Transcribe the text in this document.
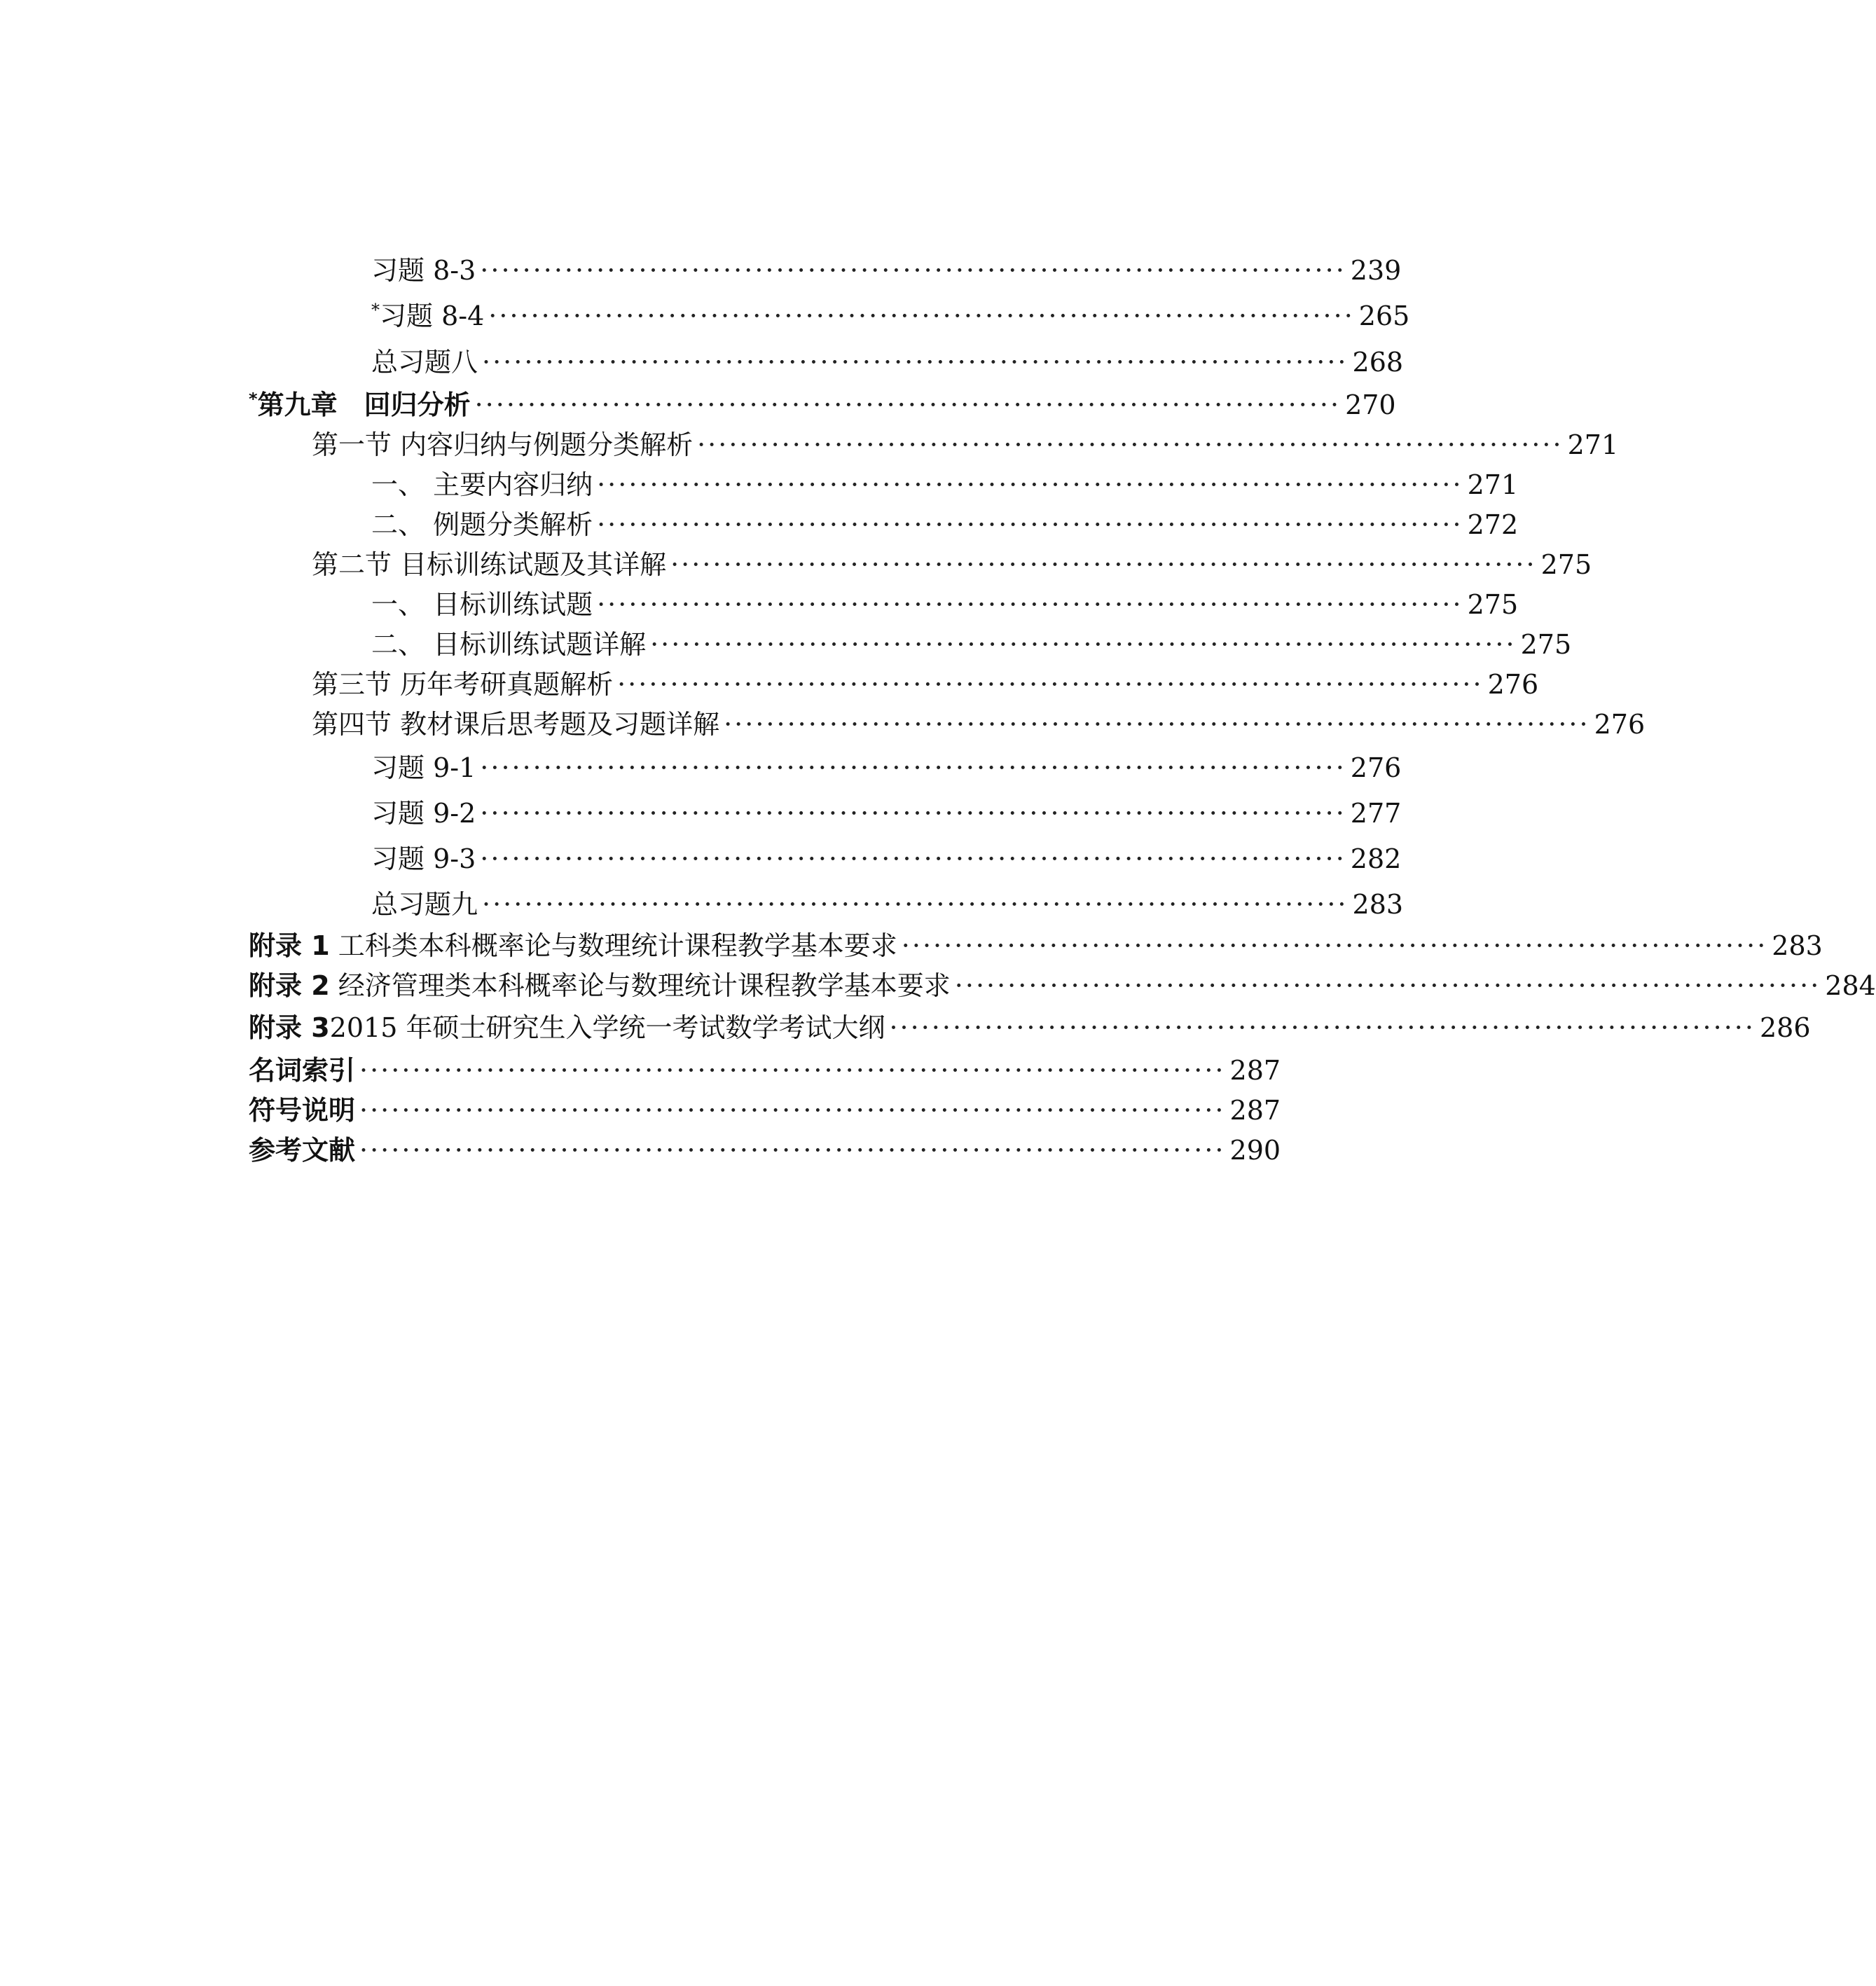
习题 8-3 ·················································································· 239
*习题 8-4 ·················································································· 265
总习题八 ·················································································· 268
*第九章　回归分析 ·················································································· 270
第一节 内容归纳与例题分类解析 ·················································································· 271
一、 主要内容归纳 ·················································································· 271
二、 例题分类解析 ·················································································· 272
第二节 目标训练试题及其详解 ·················································································· 275
一、 目标训练试题 ·················································································· 275
二、 目标训练试题详解 ·················································································· 275
第三节 历年考研真题解析 ·················································································· 276
第四节 教材课后思考题及习题详解 ·················································································· 276
习题 9-1 ·················································································· 276
习题 9-2 ·················································································· 277
习题 9-3 ·················································································· 282
总习题九 ·················································································· 283
附录 1 工科类本科概率论与数理统计课程教学基本要求 ·················································································· 283
附录 2 经济管理类本科概率论与数理统计课程教学基本要求 ·················································································· 284
附录 32015 年硕士研究生入学统一考试数学考试大纲 ·················································································· 286
名词索引 ·················································································· 287
符号说明 ·················································································· 287
参考文献 ·················································································· 290
